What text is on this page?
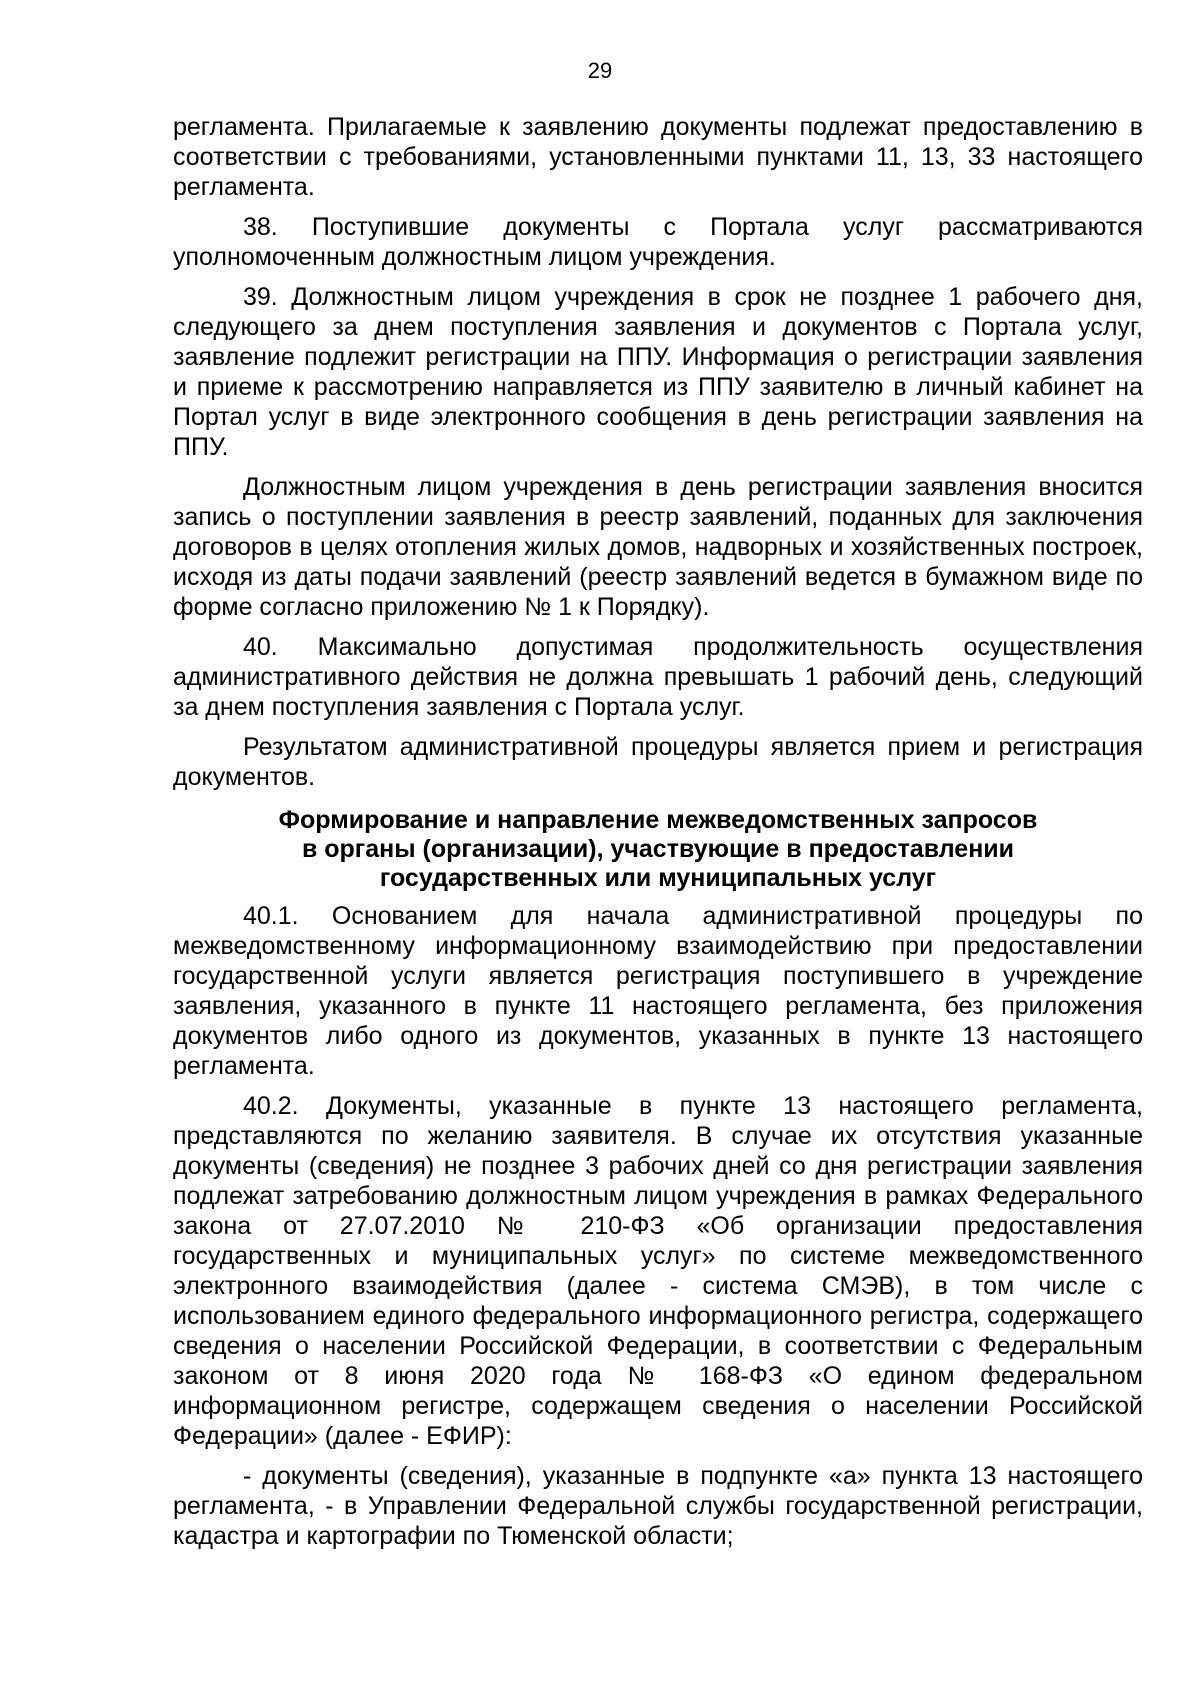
29

регламента. Прилагаемые к заявлению документы подлежат предоставлению в соответствии с требованиями, установленными пунктами 11, 13, 33 настоящего регламента.

38. Поступившие документы с Портала услуг рассматриваются уполномоченным должностным лицом учреждения.

39. Должностным лицом учреждения в срок не позднее 1 рабочего дня, следующего за днем поступления заявления и документов с Портала услуг, заявление подлежит регистрации на ППУ. Информация о регистрации заявления и приеме к рассмотрению направляется из ППУ заявителю в личный кабинет на Портал услуг в виде электронного сообщения в день регистрации заявления на ППУ.

Должностным лицом учреждения в день регистрации заявления вносится запись о поступлении заявления в реестр заявлений, поданных для заключения договоров в целях отопления жилых домов, надворных и хозяйственных построек, исходя из даты подачи заявлений (реестр заявлений ведется в бумажном виде по форме согласно приложению № 1 к Порядку).

40. Максимально допустимая продолжительность осуществления административного действия не должна превышать 1 рабочий день, следующий за днем поступления заявления с Портала услуг.

Результатом административной процедуры является прием и регистрация документов.

Формирование и направление межведомственных запросов
в органы (организации), участвующие в предоставлении
государственных или муниципальных услуг

40.1. Основанием для начала административной процедуры по межведомственному информационному взаимодействию при предоставлении государственной услуги является регистрация поступившего в учреждение заявления, указанного в пункте 11 настоящего регламента, без приложения документов либо одного из документов, указанных в пункте 13 настоящего регламента.

40.2. Документы, указанные в пункте 13 настоящего регламента, представляются по желанию заявителя. В случае их отсутствия указанные документы (сведения) не позднее 3 рабочих дней со дня регистрации заявления подлежат затребованию должностным лицом учреждения в рамках Федерального закона от 27.07.2010 № 210-ФЗ «Об организации предоставления государственных и муниципальных услуг» по системе межведомственного электронного взаимодействия (далее - система СМЭВ), в том числе с использованием единого федерального информационного регистра, содержащего сведения о населении Российской Федерации, в соответствии с Федеральным законом от 8 июня 2020 года № 168-ФЗ «О едином федеральном информационном регистре, содержащем сведения о населении Российской Федерации» (далее - ЕФИР):

- документы (сведения), указанные в подпункте «а» пункта 13 настоящего регламента, - в Управлении Федеральной службы государственной регистрации, кадастра и картографии по Тюменской области;
